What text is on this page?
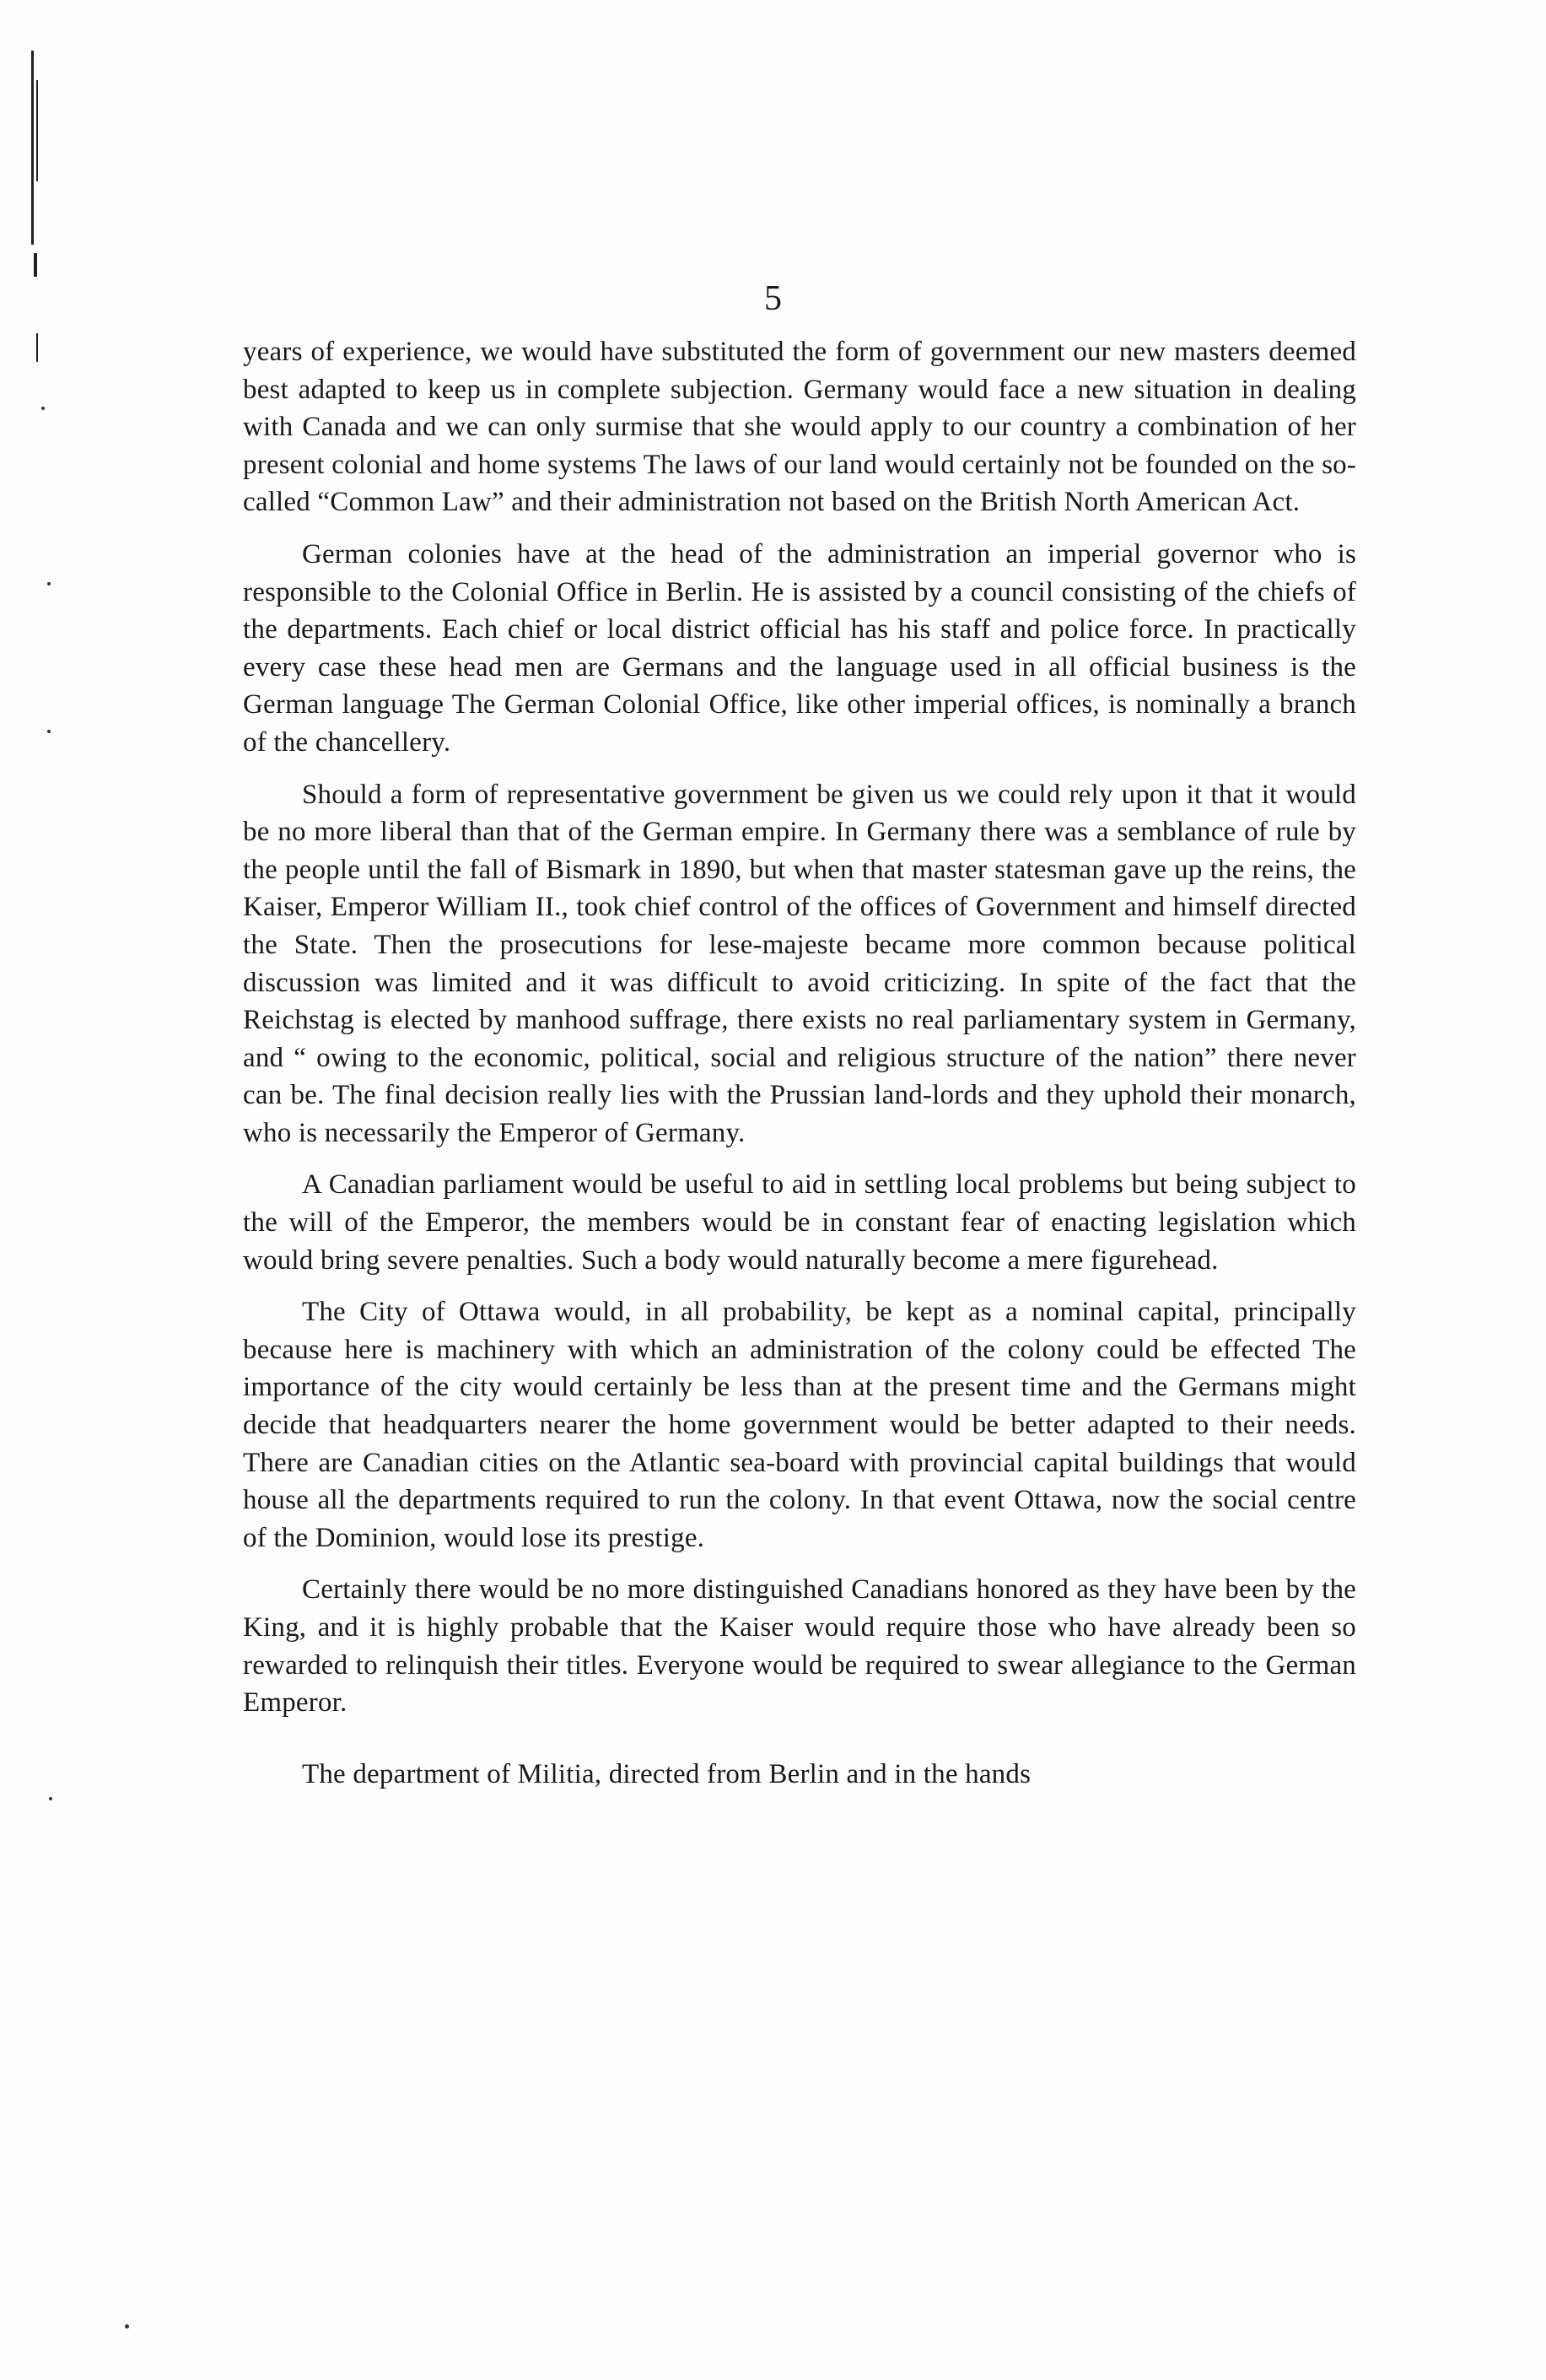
5

years of experience, we would have substituted the form of government our new masters deemed best adapted to keep us in complete subjection. Germany would face a new situation in dealing with Canada and we can only surmise that she would apply to our country a combination of her present colonial and home systems The laws of our land would certainly not be founded on the so-called “Common Law” and their administration not based on the British North American Act.

German colonies have at the head of the administration an imperial governor who is responsible to the Colonial Office in Berlin. He is assisted by a council consisting of the chiefs of the departments. Each chief or local district official has his staff and police force. In practically every case these head men are Germans and the language used in all official business is the German language The German Colonial Office, like other imperial offices, is nominally a branch of the chancellery.

Should a form of representative government be given us we could rely upon it that it would be no more liberal than that of the German empire. In Germany there was a semblance of rule by the people until the fall of Bismark in 1890, but when that master statesman gave up the reins, the Kaiser, Emperor William II., took chief control of the offices of Government and himself directed the State. Then the prosecutions for lese-majeste became more common because political discussion was limited and it was difficult to avoid criticizing. In spite of the fact that the Reichstag is elected by manhood suffrage, there exists no real parliamentary system in Germany, and “ owing to the economic, political, social and religious structure of the nation” there never can be. The final decision really lies with the Prussian land-lords and they uphold their monarch, who is necessarily the Emperor of Germany.

A Canadian parliament would be useful to aid in settling local problems but being subject to the will of the Emperor, the members would be in constant fear of enacting legislation which would bring severe penalties. Such a body would naturally become a mere figurehead.

The City of Ottawa would, in all probability, be kept as a nominal capital, principally because here is machinery with which an administration of the colony could be effected The importance of the city would certainly be less than at the present time and the Germans might decide that headquarters nearer the home government would be better adapted to their needs. There are Canadian cities on the Atlantic sea-board with provincial capital buildings that would house all the departments required to run the colony. In that event Ottawa, now the social centre of the Dominion, would lose its prestige.

Certainly there would be no more distinguished Canadians honored as they have been by the King, and it is highly probable that the Kaiser would require those who have already been so rewarded to relinquish their titles. Everyone would be required to swear allegiance to the German Emperor.

The department of Militia, directed from Berlin and in the hands
